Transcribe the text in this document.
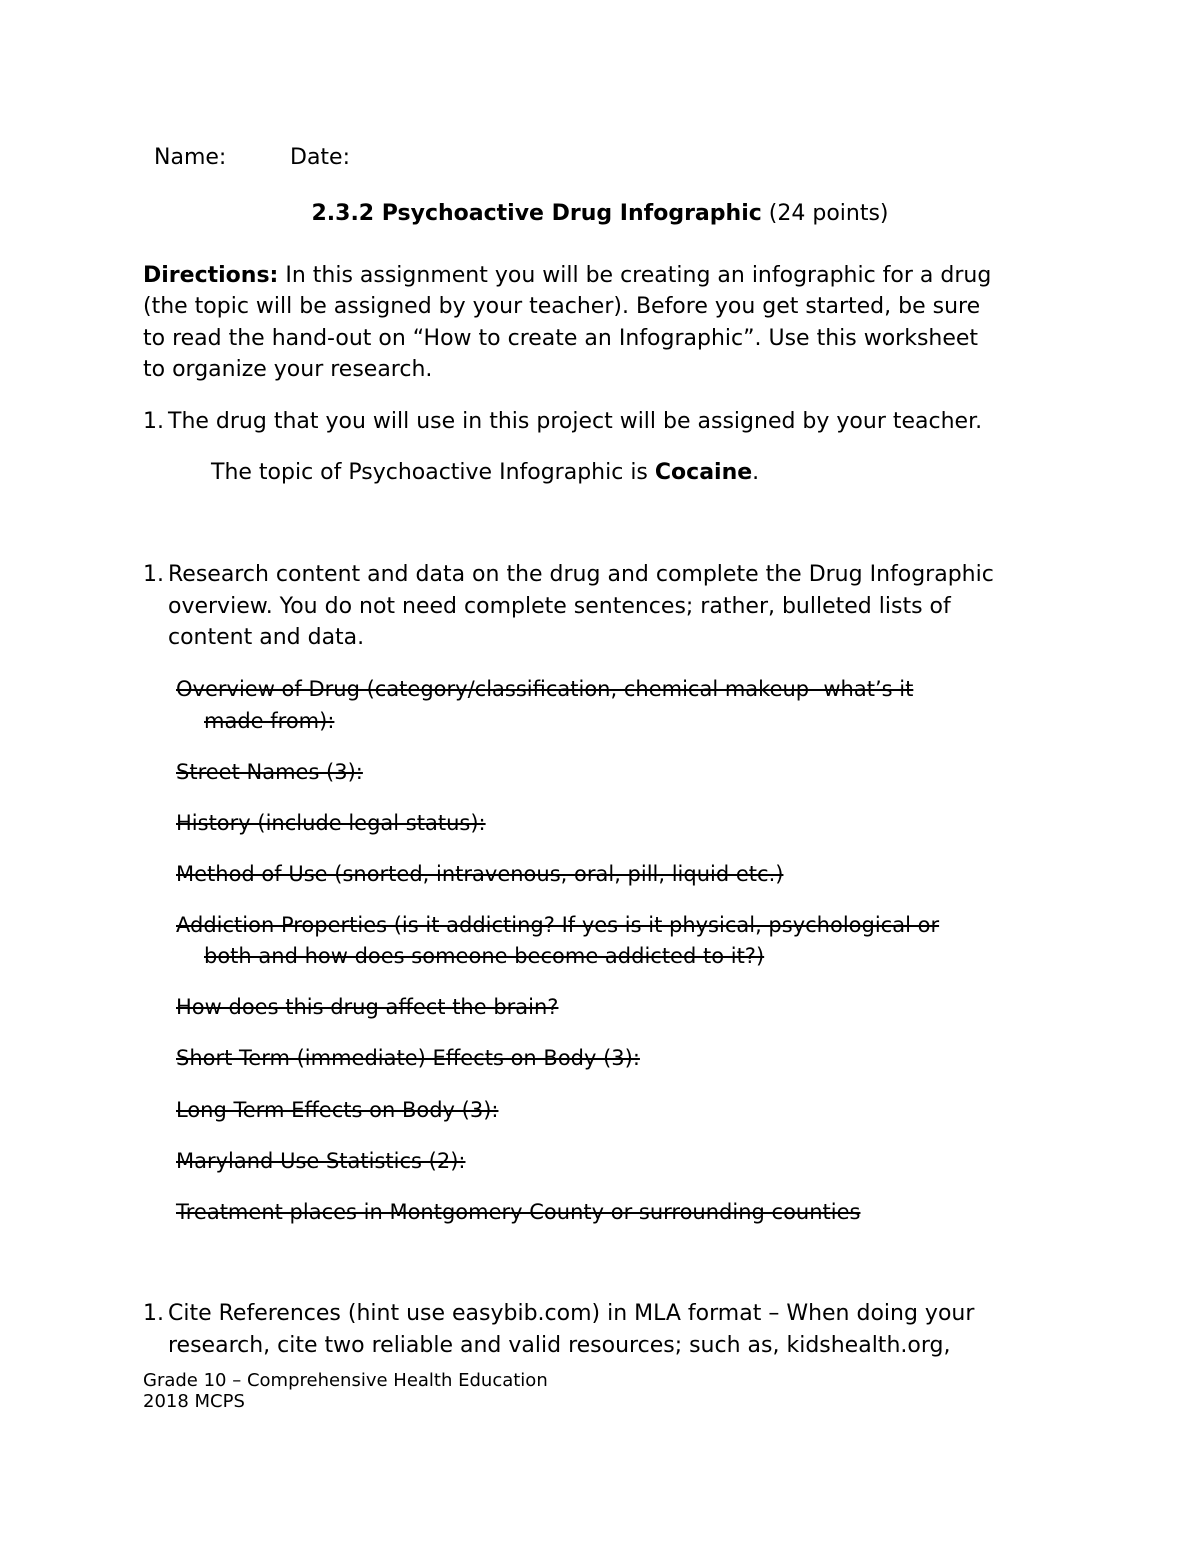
Name:	Date:
2.3.2 Psychoactive Drug Infographic (24 points)
Directions: In this assignment you will be creating an infographic for a drug
(the topic will be assigned by your teacher). Before you get started, be sure
to read the hand-out on “How to create an Infographic”. Use this worksheet
to organize your research.
1. The drug that you will use in this project will be assigned by your teacher.
The topic of Psychoactive Infographic is Cocaine.
1. Research content and data on the drug and complete the Drug Infographic
overview. You do not need complete sentences; rather, bulleted lists of
content and data.
Overview of Drug (category/classification, chemical makeup- what’s it
made from):
Street Names (3):
History (include legal status):
Method of Use (snorted, intravenous, oral, pill, liquid etc.)
Addiction Properties (is it addicting? If yes is it physical, psychological or
both and how does someone become addicted to it?)
How does this drug affect the brain?
Short Term (immediate) Effects on Body (3):
Long Term Effects on Body (3):
Maryland Use Statistics (2):
Treatment places in Montgomery County or surrounding counties
1. Cite References (hint use easybib.com) in MLA format – When doing your
research, cite two reliable and valid resources; such as, kidshealth.org,
Grade 10 – Comprehensive Health Education
2018 MCPS
